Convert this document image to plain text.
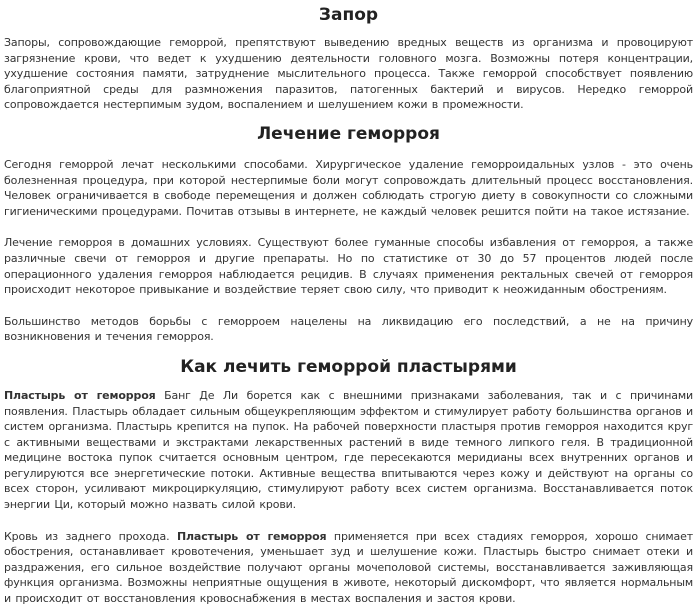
Запор

Запоры, сопровождающие геморрой, препятствуют выведению вредных веществ из организма и провоцируют загрязнение крови, что ведет к ухудшению деятельности головного мозга. Возможны потеря концентрации, ухудшение состояния памяти, затруднение мыслительного процесса. Также геморрой способствует появлению благоприятной среды для размножения паразитов, патогенных бактерий и вирусов. Нередко геморрой сопровождается нестерпимым зудом, воспалением и шелушением кожи в промежности.

Лечение геморроя

Сегодня геморрой лечат несколькими способами. Хирургическое удаление геморроидальных узлов - это очень болезненная процедура, при которой нестерпимые боли могут сопровождать длительный процесс восстановления. Человек ограничивается в свободе перемещения и должен соблюдать строгую диету в совокупности со сложными гигиеническими процедурами. Почитав отзывы в интернете, не каждый человек решится пойти на такое истязание.

Лечение геморроя в домашних условиях. Существуют более гуманные способы избавления от геморроя, а также различные свечи от геморроя и другие препараты. Но по статистике от 30 до 57 процентов людей после операционного удаления геморроя наблюдается рецидив. В случаях применения ректальных свечей от геморроя происходит некоторое привыкание и воздействие теряет свою силу, что приводит к неожиданным обострениям.

Большинство методов борьбы с геморроем нацелены на ликвидацию его последствий, а не на причину возникновения и течения геморроя.

Как лечить геморрой пластырями

Пластырь от геморроя Банг Де Ли борется как с внешними признаками заболевания, так и с причинами появления. Пластырь обладает сильным общеукрепляющим эффектом и стимулирует работу большинства органов и систем организма. Пластырь крепится на пупок. На рабочей поверхности пластыря против геморроя находится круг с активными веществами и экстрактами лекарственных растений в виде темного липкого геля. В традиционной медицине востока пупок считается основным центром, где пересекаются меридианы всех внутренних органов и регулируются все энергетические потоки. Активные вещества впитываются через кожу и действуют на органы со всех сторон, усиливают микроциркуляцию, стимулируют работу всех систем организма. Восстанавливается поток энергии Ци, который можно назвать силой крови.

Кровь из заднего прохода. Пластырь от геморроя применяется при всех стадиях геморроя, хорошо снимает обострения, останавливает кровотечения, уменьшает зуд и шелушение кожи. Пластырь быстро снимает отеки и раздражения, его сильное воздействие получают органы мочеполовой системы, восстанавливается заживляющая функция организма. Возможны неприятные ощущения в животе, некоторый дискомфорт, что является нормальным и происходит от восстановления кровоснабжения в местах воспаления и застоя крови.
